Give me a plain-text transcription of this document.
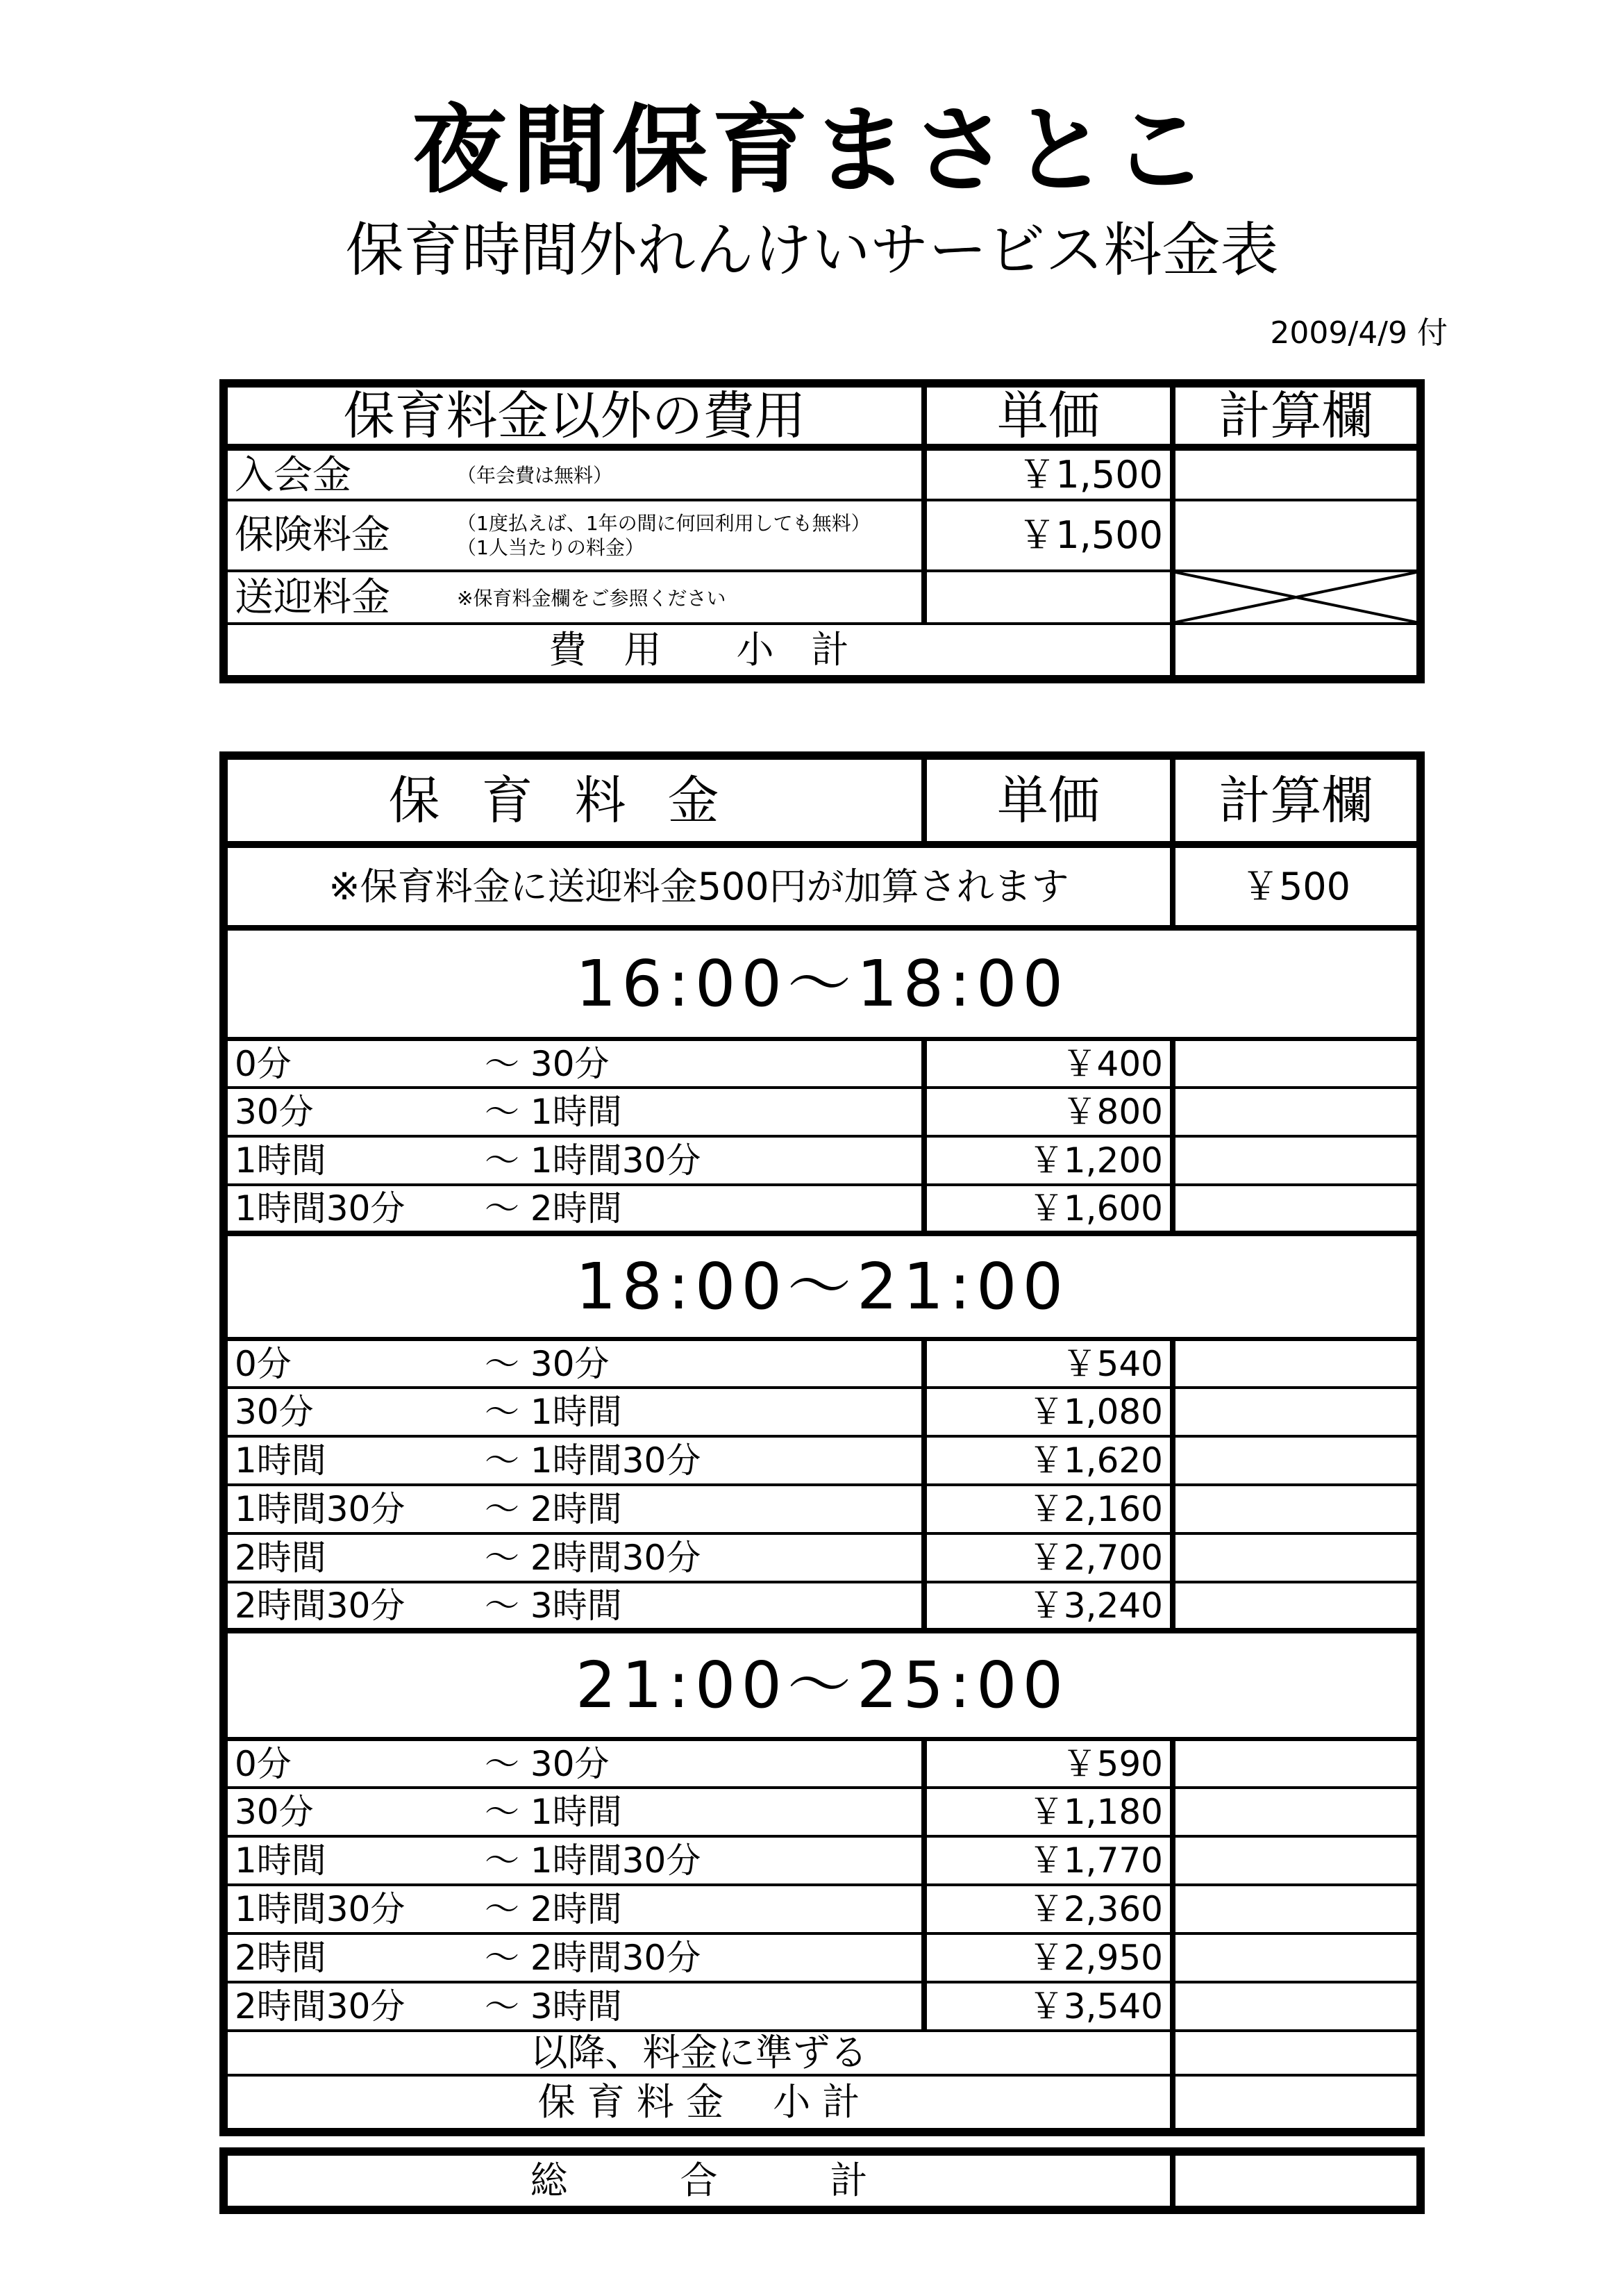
夜間保育まさとこ
保育時間外れんけいサービス料金表
2009/4/9 付
保育料金以外の費用	単価	計算欄
入会金 （年会費は無料）	￥1,500	
保険料金 （1度払えば、1年の間に何回利用しても無料）
（1人当たりの料金）	￥1,500	
送迎料金 ※保育料金欄をご参照ください		

費　用　　小　計		
保育料金	単価	計算欄
※保育料金に送迎料金500円が加算されます		￥500
16:00～18:00		
0分 ～ 30分	￥400	
30分 ～ 1時間	￥800	
1時間 ～ 1時間30分	￥1,200	
1時間30分 ～ 2時間	￥1,600	
18:00～21:00		
0分 ～ 30分	￥540	
30分 ～ 1時間	￥1,080	
1時間 ～ 1時間30分	￥1,620	
1時間30分 ～ 2時間	￥2,160	
2時間 ～ 2時間30分	￥2,700	
2時間30分 ～ 3時間	￥3,240	
21:00～25:00		
0分 ～ 30分	￥590	
30分 ～ 1時間	￥1,180	
1時間 ～ 1時間30分	￥1,770	
1時間30分 ～ 2時間	￥2,360	
2時間 ～ 2時間30分	￥2,950	
2時間30分 ～ 3時間	￥3,540	
以降、料金に準ずる		
保 育 料 金　 小 計		
総　　　合　　　計	
